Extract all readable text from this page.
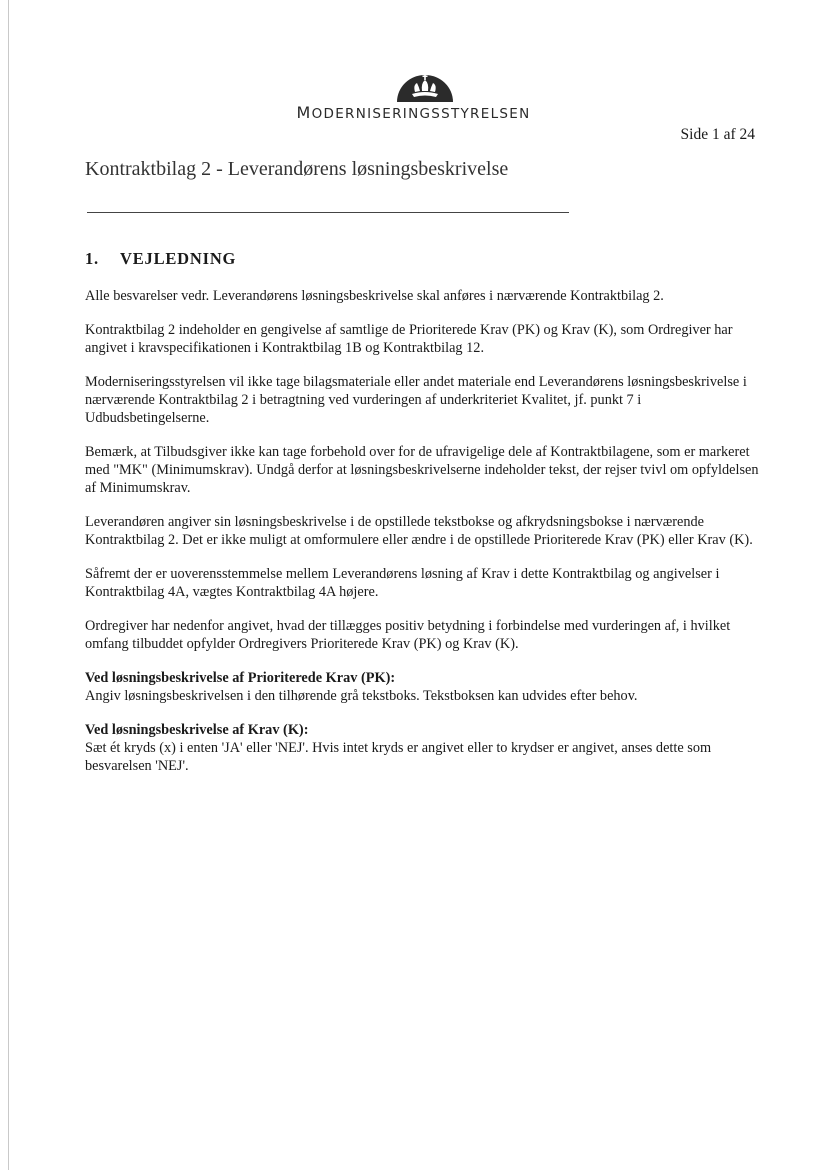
MODERNISERINGSSTYRELSEN
Side 1 af 24
Kontraktbilag 2 - Leverandørens løsningsbeskrivelse
1. VEJLEDNING

Alle besvarelser vedr. Leverandørens løsningsbeskrivelse skal anføres i nærværende Kontraktbilag 2.

Kontraktbilag 2 indeholder en gengivelse af samtlige de Prioriterede Krav (PK) og Krav (K), som Ordregiver har angivet i kravspecifikationen i Kontraktbilag 1B og Kontraktbilag 12.

Moderniseringsstyrelsen vil ikke tage bilagsmateriale eller andet materiale end Leverandørens løsningsbeskrivelse i nærværende Kontraktbilag 2 i betragtning ved vurderingen af underkriteriet Kvalitet, jf. punkt 7 i Udbudsbetingelserne.

Bemærk, at Tilbudsgiver ikke kan tage forbehold over for de ufravigelige dele af Kontraktbilagene, som er markeret med "MK" (Minimumskrav). Undgå derfor at løsningsbeskrivelserne indeholder tekst, der rejser tvivl om opfyldelsen af Minimumskrav.

Leverandøren angiver sin løsningsbeskrivelse i de opstillede tekstbokse og afkrydsningsbokse i nærværende Kontraktbilag 2. Det er ikke muligt at omformulere eller ændre i de opstillede Prioriterede Krav (PK) eller Krav (K).

Såfremt der er uoverensstemmelse mellem Leverandørens løsning af Krav i dette Kontraktbilag og angivelser i Kontraktbilag 4A, vægtes Kontraktbilag 4A højere.

Ordregiver har nedenfor angivet, hvad der tillægges positiv betydning i forbindelse med vurderingen af, i hvilket omfang tilbuddet opfylder Ordregivers Prioriterede Krav (PK) og Krav (K).

Ved løsningsbeskrivelse af Prioriterede Krav (PK):

Angiv løsningsbeskrivelsen i den tilhørende grå tekstboks. Tekstboksen kan udvides efter behov.

Ved løsningsbeskrivelse af Krav (K):

Sæt ét kryds (x) i enten 'JA' eller 'NEJ'. Hvis intet kryds er angivet eller to krydser er angivet, anses dette som besvarelsen 'NEJ'.
